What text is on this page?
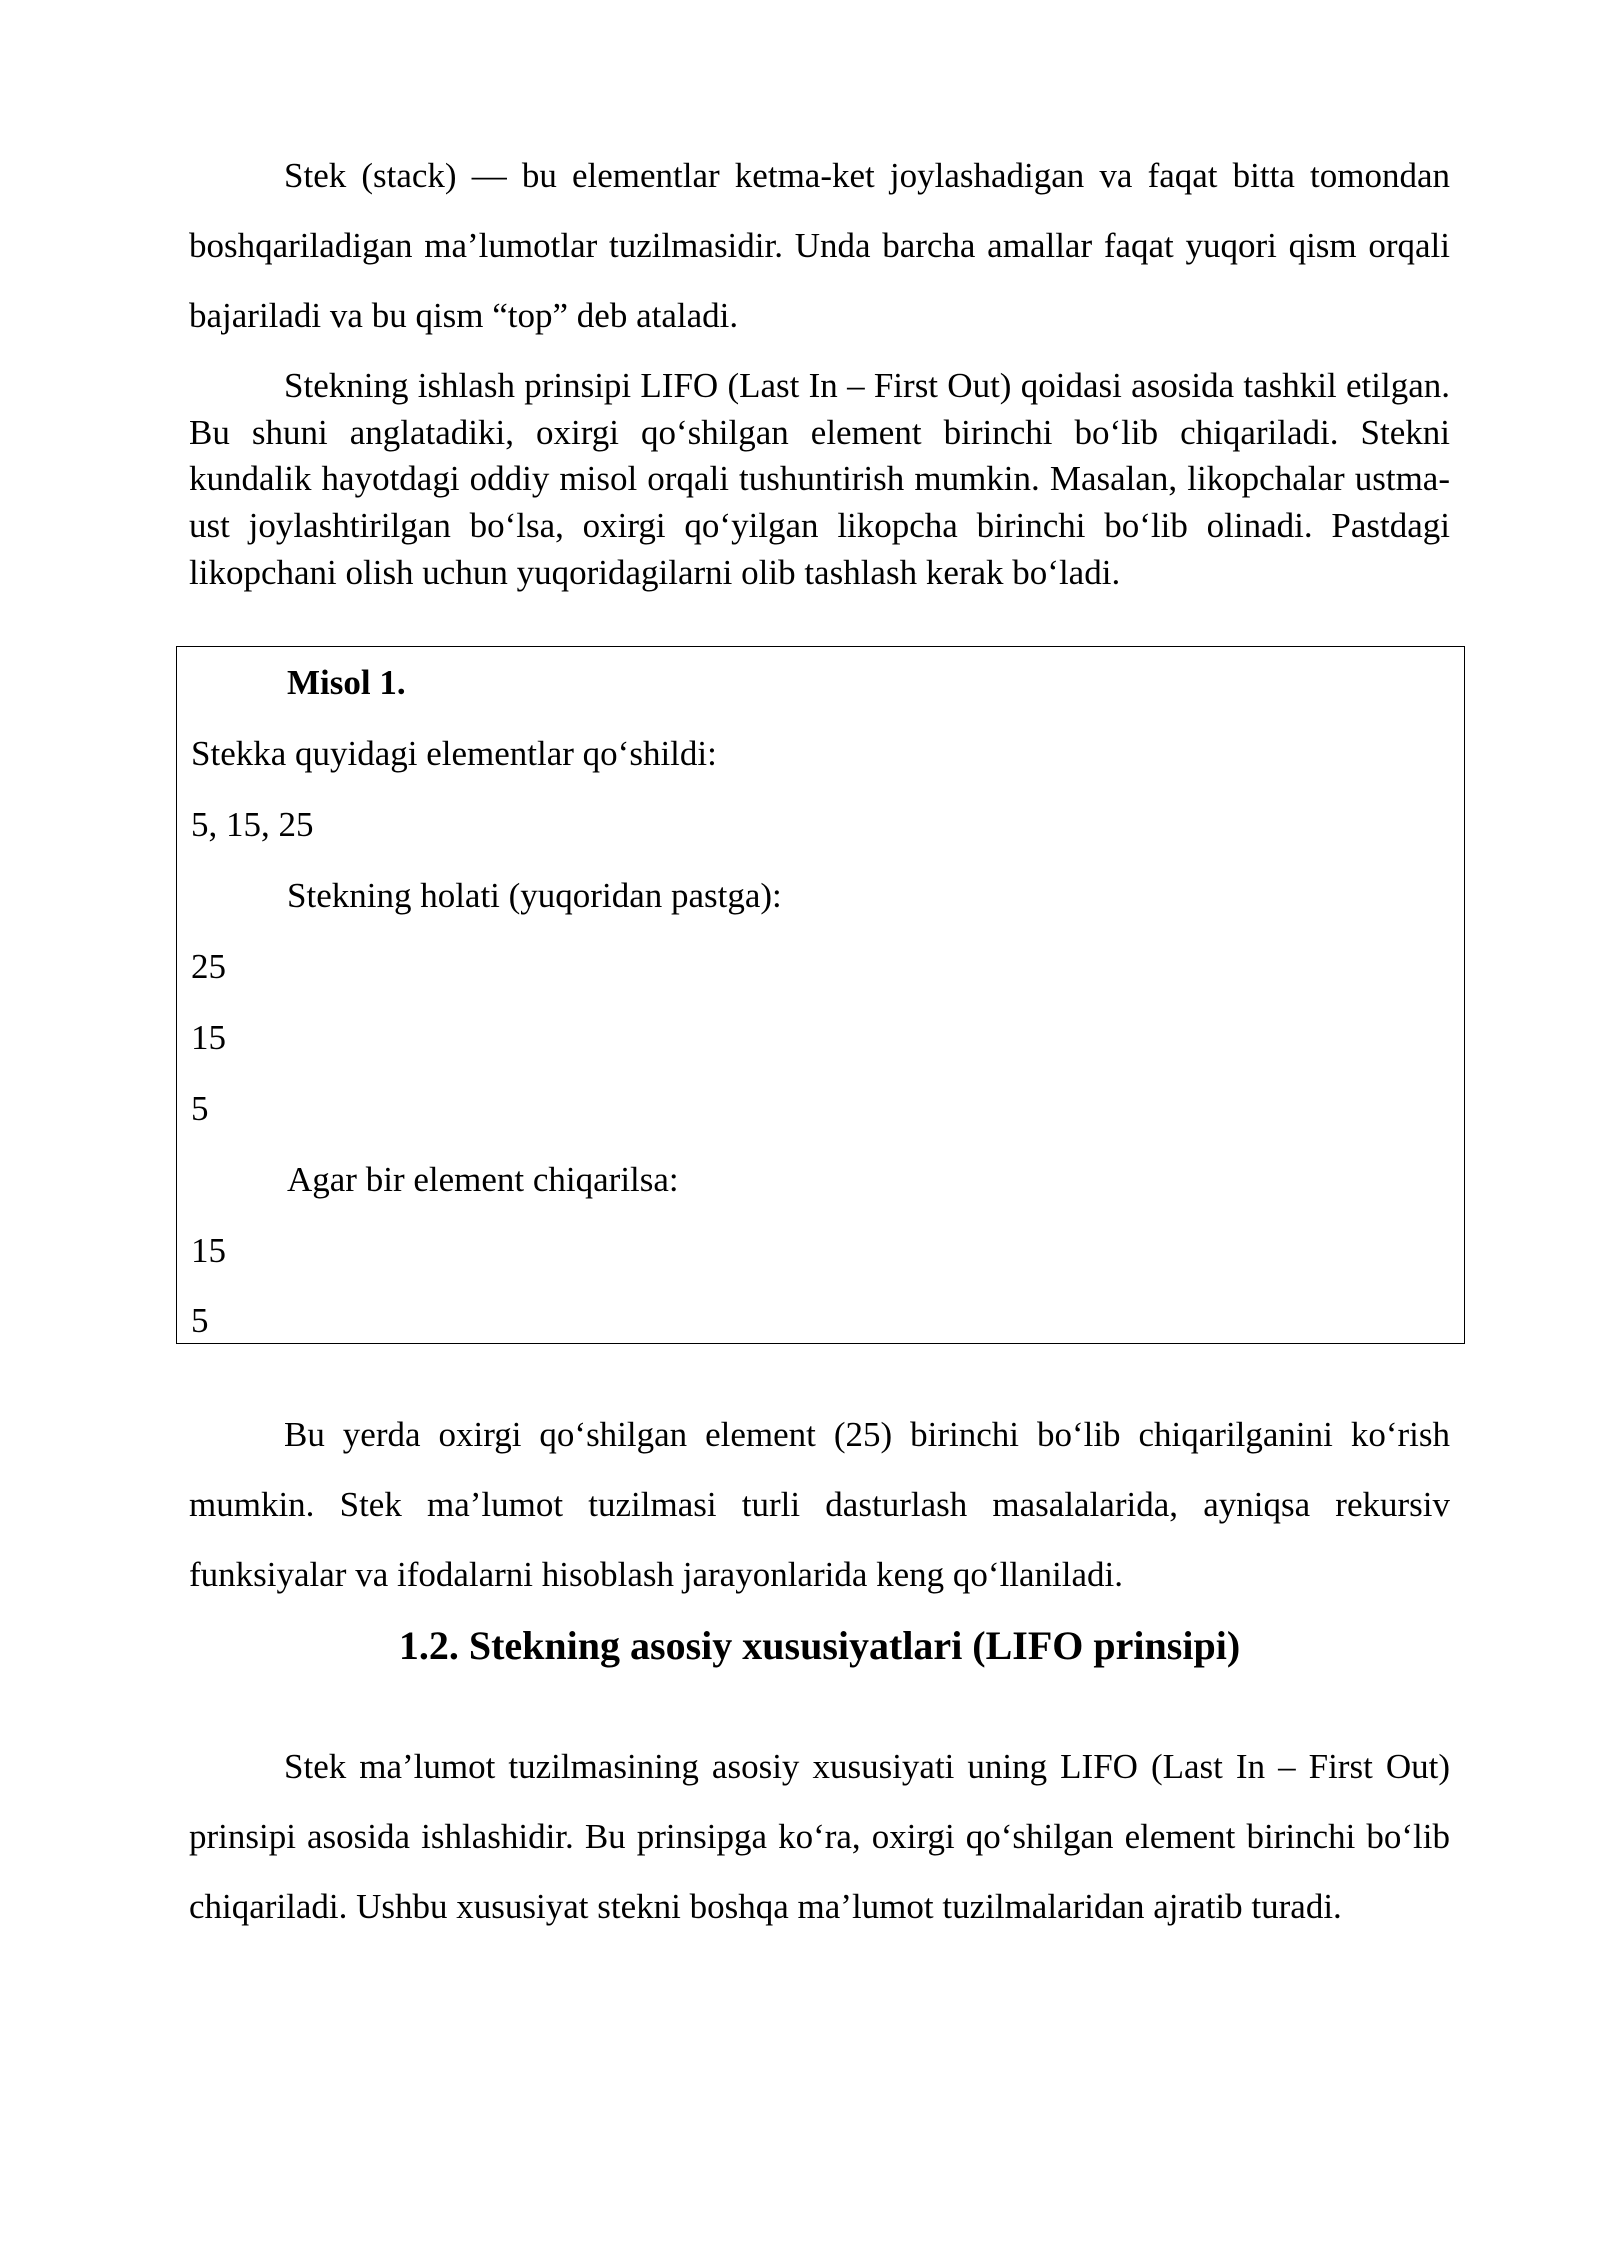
Stek (stack) — bu elementlar ketma-ket joylashadigan va faqat bitta tomondan boshqariladigan ma’lumotlar tuzilmasidir. Unda barcha amallar faqat yuqori qism orqali bajariladi va bu qism “top” deb ataladi.

Stekning ishlash prinsipi LIFO (Last In – First Out) qoidasi asosida tashkil etilgan. Bu shuni anglatadiki, oxirgi qo‘shilgan element birinchi bo‘lib chiqariladi. Stekni kundalik hayotdagi oddiy misol orqali tushuntirish mumkin. Masalan, likopchalar ustma-ust joylashtirilgan bo‘lsa, oxirgi qo‘yilgan likopcha birinchi bo‘lib olinadi. Pastdagi likopchani olish uchun yuqoridagilarni olib tashlash kerak bo‘ladi.

Misol 1.
Stekka quyidagi elementlar qo‘shildi:
5, 15, 25
Stekning holati (yuqoridan pastga):
25
15
5
Agar bir element chiqarilsa:
15
5

Bu yerda oxirgi qo‘shilgan element (25) birinchi bo‘lib chiqarilganini ko‘rish mumkin. Stek ma’lumot tuzilmasi turli dasturlash masalalarida, ayniqsa rekursiv funksiyalar va ifodalarni hisoblash jarayonlarida keng qo‘llaniladi.

1.2. Stekning asosiy xususiyatlari (LIFO prinsipi)

Stek ma’lumot tuzilmasining asosiy xususiyati uning LIFO (Last In – First Out) prinsipi asosida ishlashidir. Bu prinsipga ko‘ra, oxirgi qo‘shilgan element birinchi bo‘lib chiqariladi. Ushbu xususiyat stekni boshqa ma’lumot tuzilmalaridan ajratib turadi.
